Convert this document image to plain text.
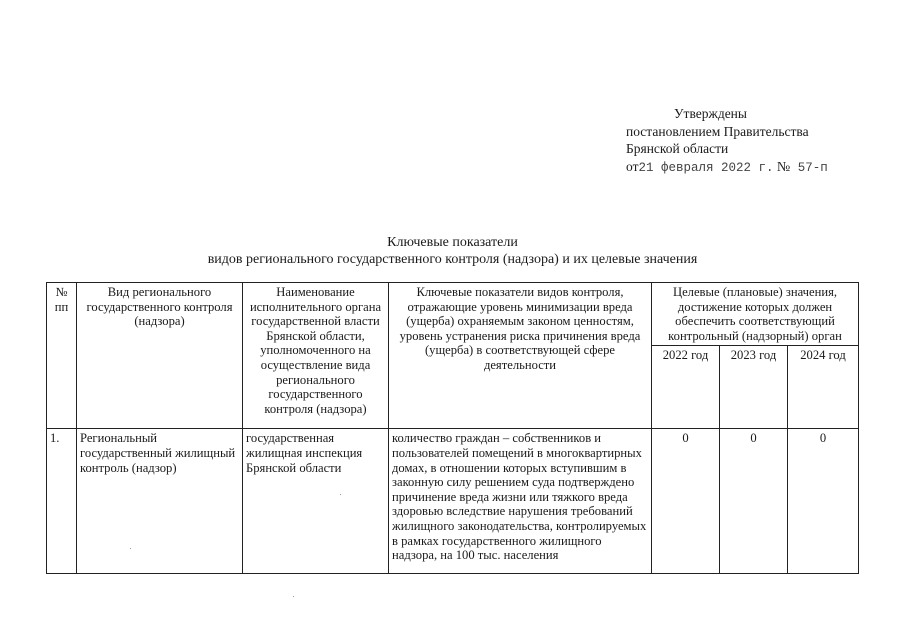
Утверждены
постановлением Правительства
Брянской области
от21 февраля 2022 г. № 57-п
Ключевые показатели
видов регионального государственного контроля (надзора) и их целевые значения
№ пп	Вид регионального государственного контроля (надзора)	Наименование исполнительного органа государственной власти Брянской области, уполномоченного на осуществление вида регионального государственного контроля (надзора)	Ключевые показатели видов контроля, отражающие уровень минимизации вреда (ущерба) охраняемым законом ценностям, уровень устранения риска причинения вреда (ущерба) в соответствующей сфере деятельности	Целевые (плановые) значения, достижение которых должен обеспечить соответствующий контрольный (надзорный) орган		
				2022 год	2023 год	2024 год
1.	Региональный государственный жилищный контроль (надзор)	государственная жилищная инспекция Брянской области	количество граждан – собственников и пользователей помещений в многоквартирных домах, в отношении которых вступившим в законную силу решением суда подтверждено причинение вреда жизни или тяжкого вреда здоровью вследствие нарушения требований жилищного законодательства, контролируемых в рамках государственного жилищного надзора, на 100 тыс. населения	0	0	0
